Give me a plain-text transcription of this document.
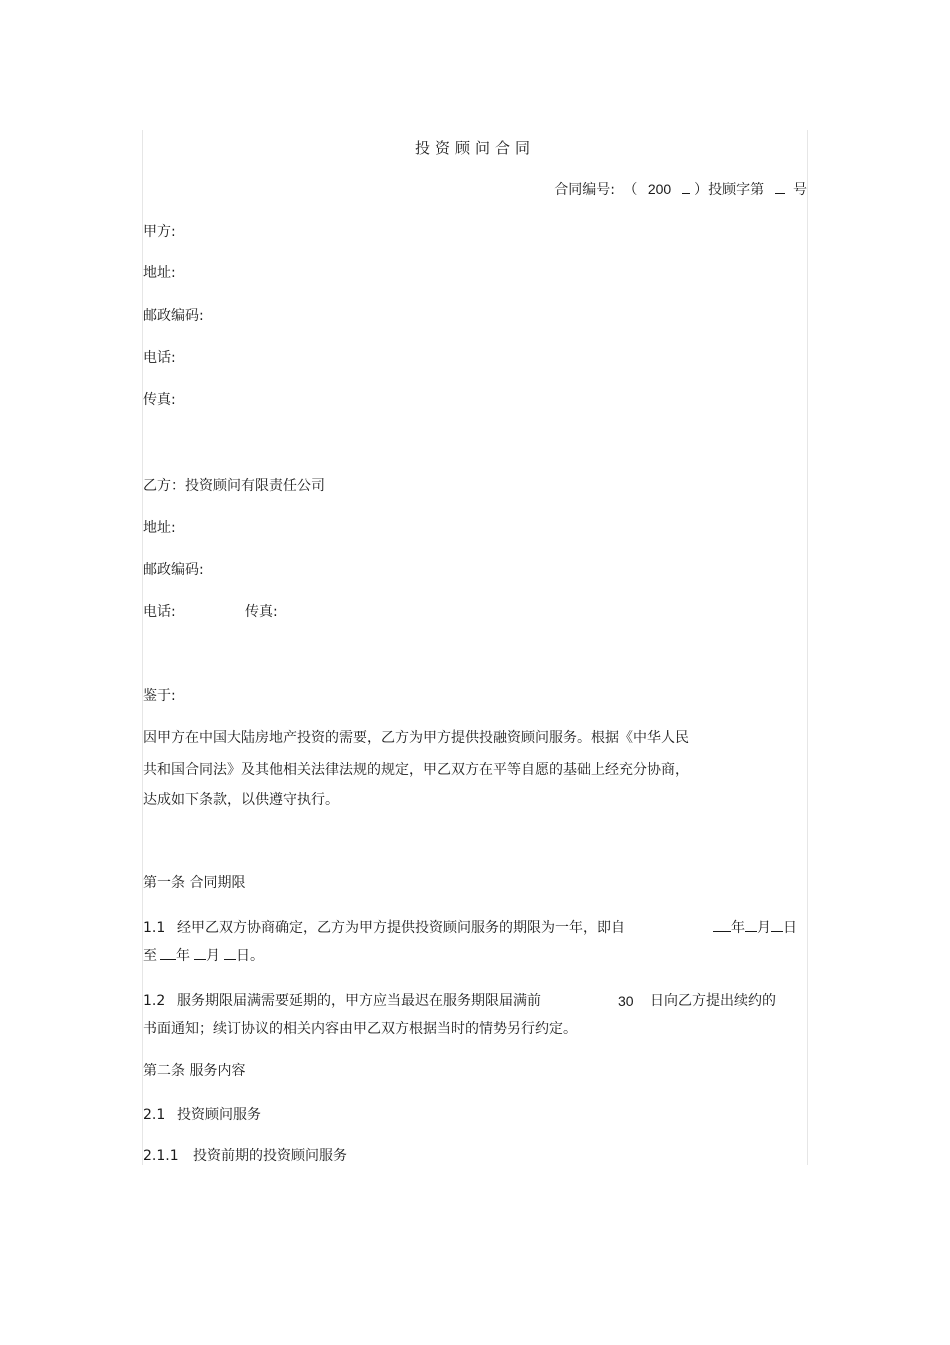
投资顾问合同
合同编号: （ 200 ）投顾字第 号
甲方:
地址:
邮政编码:
电话:
传真:
乙方：投资顾问有限责任公司
地址:
邮政编码:
电话:	传真:
鉴于:
因甲方在中国大陆房地产投资的需要，乙方为甲方提供投融资顾问服务。根据《中华人民
共和国合同法》及其他相关法律法规的规定，甲乙双方在平等自愿的基础上经充分协商，
达成如下条款，以供遵守执行。
第一条 合同期限
1.1 经甲乙双方协商确定，乙方为甲方提供投资顾问服务的期限为一年，即自	年 月 日
至 年 月 日。
1.2 服务期限届满需要延期的，甲方应当最迟在服务期限届满前	30 日向乙方提出续约的
书面通知；续订协议的相关内容由甲乙双方根据当时的情势另行约定。
第二条 服务内容
2.1 投资顾问服务
2.1.1 投资前期的投资顾问服务
